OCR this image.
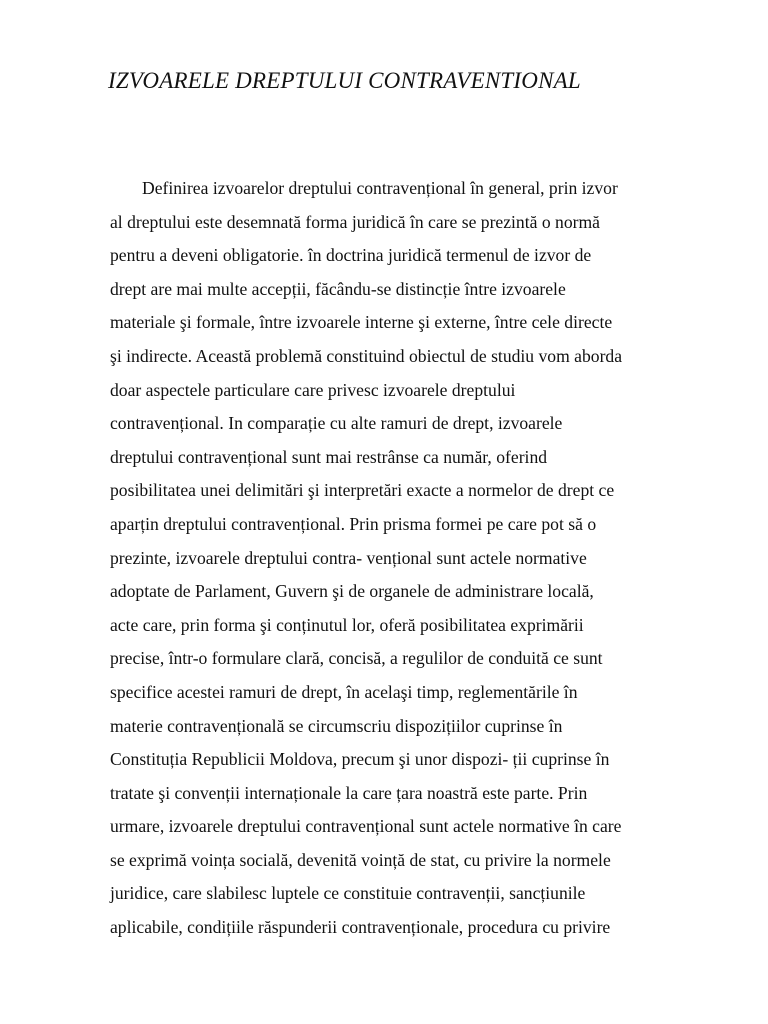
IZVOARELE DREPTULUI CONTRAVENTIONAL
Definirea izvoarelor dreptului contravențional în general, prin izvor
al dreptului este desemnată forma juridică în care se prezintă o normă
pentru a deveni obligatorie. în doctrina juridică termenul de izvor de
drept are mai multe accepții, făcându-se distincție între izvoarele
materiale şi formale, între izvoarele interne şi externe, între cele directe
şi indirecte. Această problemă constituind obiectul de studiu vom aborda
doar aspectele particulare care privesc izvoarele dreptului
contravențional. In comparație cu alte ramuri de drept, izvoarele
dreptului contravențional sunt mai restrânse ca număr, oferind
posibilitatea unei delimitări şi interpretări exacte a normelor de drept ce
aparțin dreptului contravențional. Prin prisma formei pe care pot să o
prezinte, izvoarele dreptului contra- vențional sunt actele normative
adoptate de Parlament, Guvern şi de organele de administrare locală,
acte care, prin forma şi conținutul lor, oferă posibilitatea exprimării
precise, într-o formulare clară, concisă, a regulilor de conduită ce sunt
specifice acestei ramuri de drept, în acelaşi timp, reglementările în
materie contravențională se circumscriu dispozițiilor cuprinse în
Constituția Republicii Moldova, precum şi unor dispozi- ții cuprinse în
tratate şi convenții internaționale la care țara noastră este parte. Prin
urmare, izvoarele dreptului contravențional sunt actele normative în care
se exprimă voința socială, devenită voință de stat, cu privire la normele
juridice, care slabilesc luptele ce constituie contravenții, sancțiunile
aplicabile, condițiile răspunderii contravenționale, procedura cu privire
